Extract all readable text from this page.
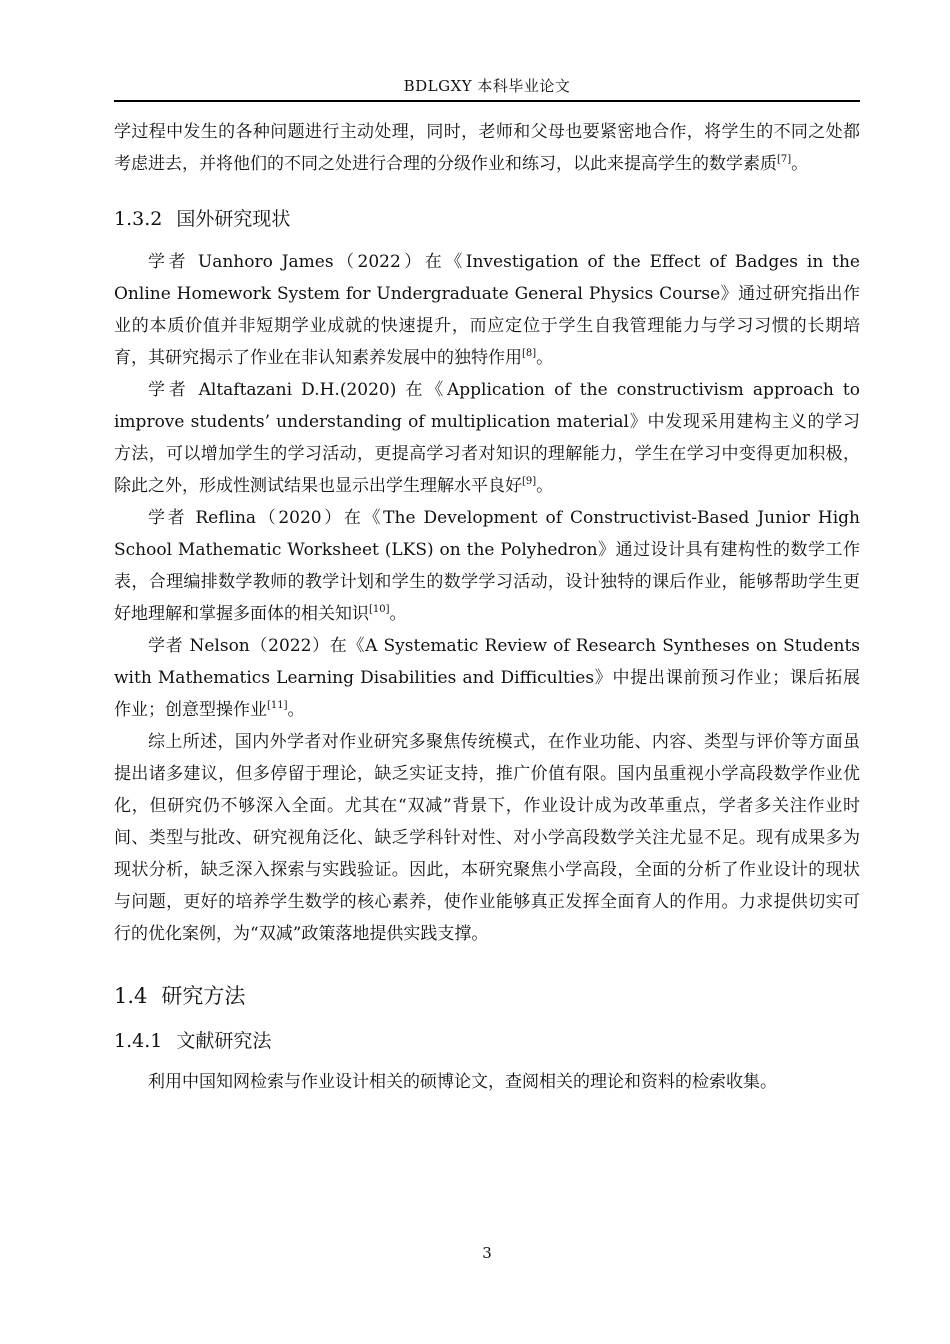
BDLGXY 本科毕业论文

学过程中发生的各种问题进行主动处理，同时，老师和父母也要紧密地合作，将学生的不同之处都考虑进去，并将他们的不同之处进行合理的分级作业和练习，以此来提高学生的数学素质[7]。

1.3.2 国外研究现状

学者 Uanhoro James（2022）在《Investigation of the Effect of Badges in the Online Homework System for Undergraduate General Physics Course》通过研究指出作业的本质价值并非短期学业成就的快速提升，而应定位于学生自我管理能力与学习习惯的长期培育，其研究揭示了作业在非认知素养发展中的独特作用[8]。

学者 Altaftazani D.H.(2020) 在《Application of the constructivism approach to improve students’ understanding of multiplication material》中发现采用建构主义的学习方法，可以增加学生的学习活动，更提高学习者对知识的理解能力，学生在学习中变得更加积极，除此之外，形成性测试结果也显示出学生理解水平良好[9]。

学者 Reflina（2020）在《The Development of Constructivist-Based Junior High School Mathematic Worksheet (LKS) on the Polyhedron》通过设计具有建构性的数学工作表，合理编排数学教师的教学计划和学生的数学学习活动，设计独特的课后作业，能够帮助学生更好地理解和掌握多面体的相关知识[10]。

学者 Nelson（2022）在《A Systematic Review of Research Syntheses on Students with Mathematics Learning Disabilities and Difficulties》中提出课前预习作业；课后拓展作业；创意型操作业[11]。

综上所述，国内外学者对作业研究多聚焦传统模式，在作业功能、内容、类型与评价等方面虽提出诸多建议，但多停留于理论，缺乏实证支持，推广价值有限。国内虽重视小学高段数学作业优化，但研究仍不够深入全面。尤其在“双减”背景下，作业设计成为改革重点，学者多关注作业时间、类型与批改、研究视角泛化、缺乏学科针对性、对小学高段数学关注尤显不足。现有成果多为现状分析，缺乏深入探索与实践验证。因此，本研究聚焦小学高段，全面的分析了作业设计的现状与问题，更好的培养学生数学的核心素养，使作业能够真正发挥全面育人的作用。力求提供切实可行的优化案例，为“双减”政策落地提供实践支撑。

1.4 研究方法
1.4.1 文献研究法

利用中国知网检索与作业设计相关的硕博论文，查阅相关的理论和资料的检索收集。

3
